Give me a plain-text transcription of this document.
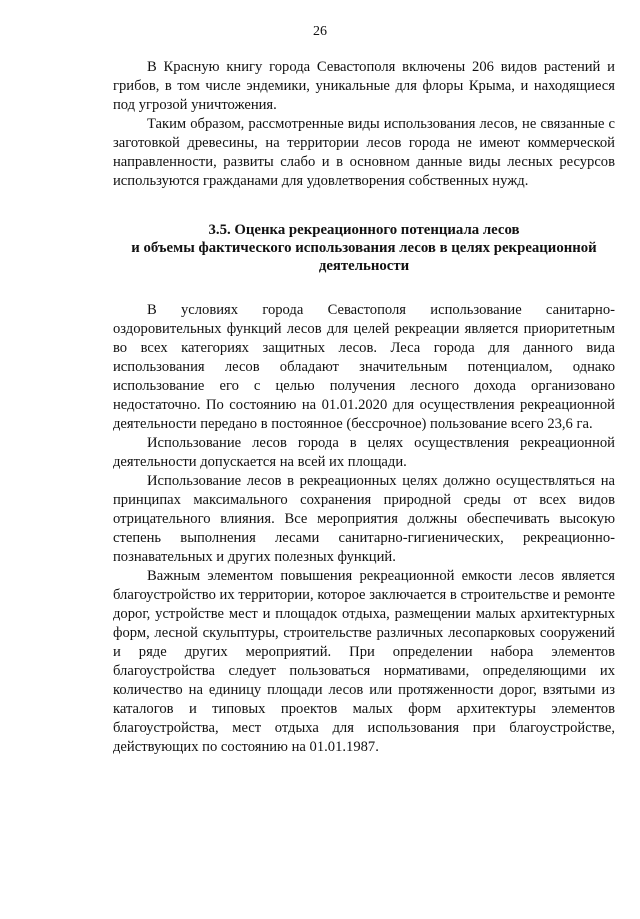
26

В Красную книгу города Севастополя включены 206 видов растений и грибов, в том числе эндемики, уникальные для флоры Крыма, и находящиеся под угрозой уничтожения.

Таким образом, рассмотренные виды использования лесов, не связанные с заготовкой древесины, на территории лесов города не имеют коммерческой направленности, развиты слабо и в основном данные виды лесных ресурсов используются гражданами для удовлетворения собственных нужд.

3.5. Оценка рекреационного потенциала лесов
и объемы фактического использования лесов в целях рекреационной
деятельности

В условиях города Севастополя использование санитарно-оздоровительных функций лесов для целей рекреации является приоритетным во всех категориях защитных лесов. Леса города для данного вида использования лесов обладают значительным потенциалом, однако использование его с целью получения лесного дохода организовано недостаточно. По состоянию на 01.01.2020 для осуществления рекреационной деятельности передано в постоянное (бессрочное) пользование всего 23,6 га.

Использование лесов города в целях осуществления рекреационной деятельности допускается на всей их площади.

Использование лесов в рекреационных целях должно осуществляться на принципах максимального сохранения природной среды от всех видов отрицательного влияния. Все мероприятия должны обеспечивать высокую степень выполнения лесами санитарно-гигиенических, рекреационно-познавательных и других полезных функций.

Важным элементом повышения рекреационной емкости лесов является благоустройство их территории, которое заключается в строительстве и ремонте дорог, устройстве мест и площадок отдыха, размещении малых архитектурных форм, лесной скульптуры, строительстве различных лесопарковых сооружений и ряде других мероприятий. При определении набора элементов благоустройства следует пользоваться нормативами, определяющими их количество на единицу площади лесов или протяженности дорог, взятыми из каталогов и типовых проектов малых форм архитектуры элементов благоустройства, мест отдыха для использования при благоустройстве, действующих по состоянию на 01.01.1987.
